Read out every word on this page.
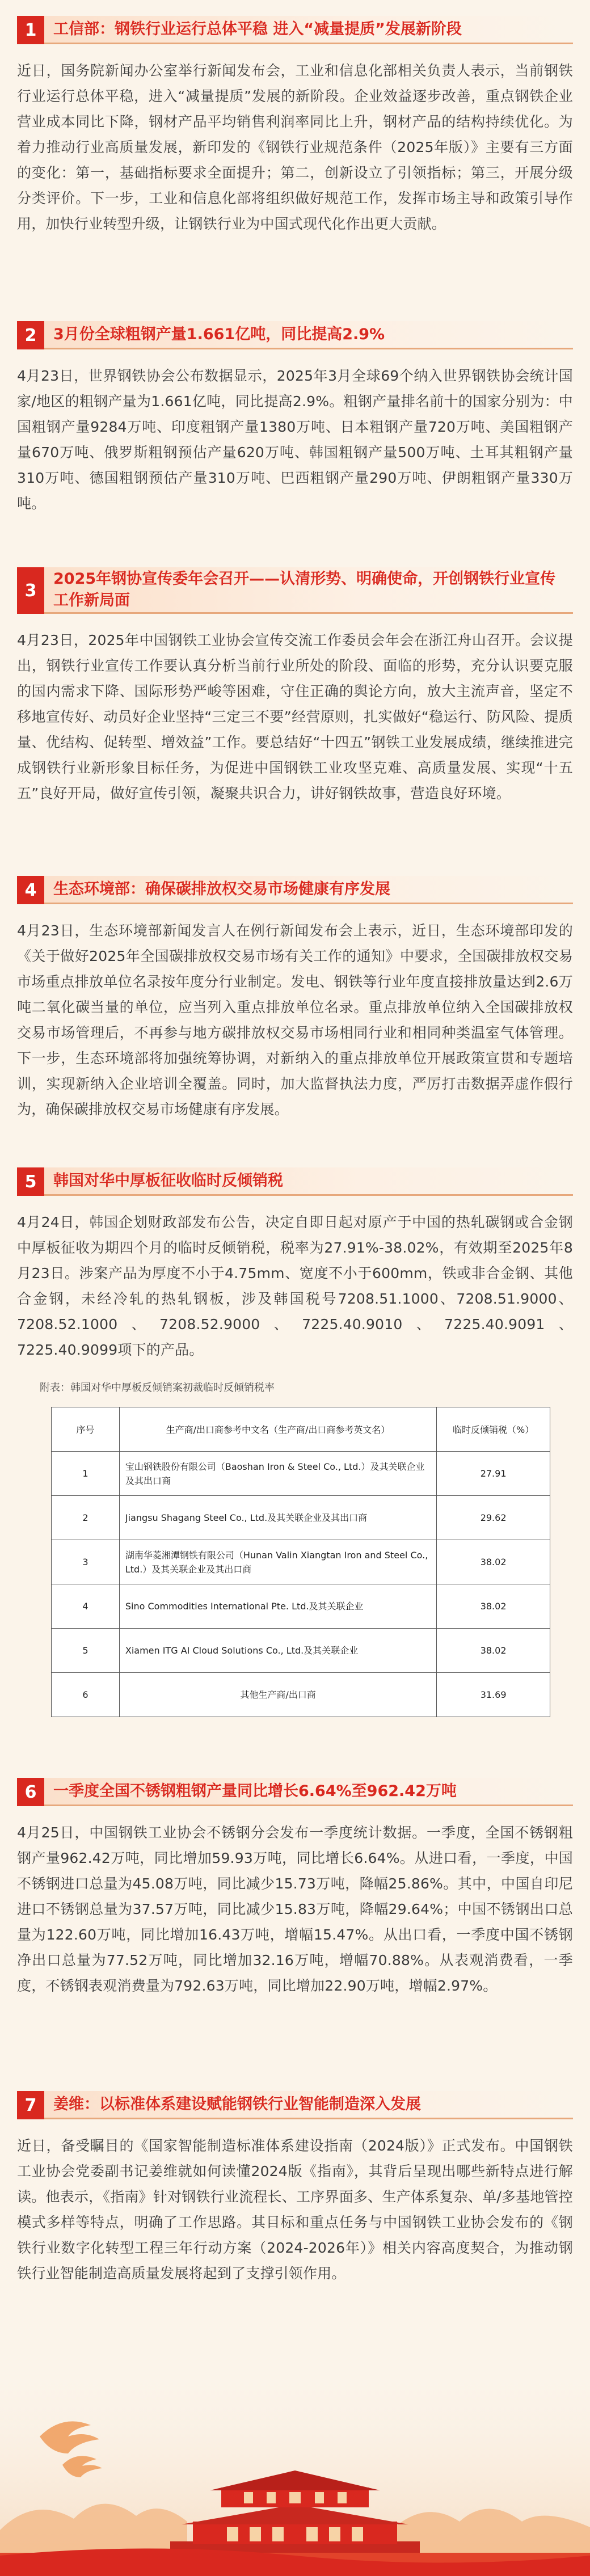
1	工信部：钢铁行业运行总体平稳 进入“减量提质”发展新阶段

近日，国务院新闻办公室举行新闻发布会，工业和信息化部相关负责人表示，当前钢铁行业运行总体平稳，进入“减量提质”发展的新阶段。企业效益逐步改善，重点钢铁企业营业成本同比下降，钢材产品平均销售利润率同比上升，钢材产品的结构持续优化。为着力推动行业高质量发展，新印发的《钢铁行业规范条件（2025年版）》主要有三方面的变化：第一，基础指标要求全面提升；第二，创新设立了引领指标；第三，开展分级分类评价。下一步，工业和信息化部将组织做好规范工作，发挥市场主导和政策引导作用，加快行业转型升级，让钢铁行业为中国式现代化作出更大贡献。

2	3月份全球粗钢产量1.661亿吨，同比提高2.9%

4月23日，世界钢铁协会公布数据显示，2025年3月全球69个纳入世界钢铁协会统计国家/地区的粗钢产量为1.661亿吨，同比提高2.9%。粗钢产量排名前十的国家分别为：中国粗钢产量9284万吨、印度粗钢产量1380万吨、日本粗钢产量720万吨、美国粗钢产量670万吨、俄罗斯粗钢预估产量620万吨、韩国粗钢产量500万吨、土耳其粗钢产量310万吨、德国粗钢预估产量310万吨、巴西粗钢产量290万吨、伊朗粗钢产量330万吨。

3
2025年钢协宣传委年会召开——认清形势、明确使命，开创钢铁行业宣传工作新局面

4月23日，2025年中国钢铁工业协会宣传交流工作委员会年会在浙江舟山召开。会议提出，钢铁行业宣传工作要认真分析当前行业所处的阶段、面临的形势，充分认识要克服的国内需求下降、国际形势严峻等困难，守住正确的舆论方向，放大主流声音，坚定不移地宣传好、动员好企业坚持“三定三不要”经营原则，扎实做好“稳运行、防风险、提质量、优结构、促转型、增效益”工作。要总结好“十四五”钢铁工业发展成绩，继续推进完成钢铁行业新形象目标任务，为促进中国钢铁工业攻坚克难、高质量发展、实现“十五五”良好开局，做好宣传引领，凝聚共识合力，讲好钢铁故事，营造良好环境。

4	生态环境部：确保碳排放权交易市场健康有序发展

4月23日，生态环境部新闻发言人在例行新闻发布会上表示，近日，生态环境部印发的《关于做好2025年全国碳排放权交易市场有关工作的通知》中要求，全国碳排放权交易市场重点排放单位名录按年度分行业制定。发电、钢铁等行业年度直接排放量达到2.6万吨二氧化碳当量的单位，应当列入重点排放单位名录。重点排放单位纳入全国碳排放权交易市场管理后，不再参与地方碳排放权交易市场相同行业和相同种类温室气体管理。下一步，生态环境部将加强统筹协调，对新纳入的重点排放单位开展政策宣贯和专题培训，实现新纳入企业培训全覆盖。同时，加大监督执法力度，严厉打击数据弄虚作假行为，确保碳排放权交易市场健康有序发展。

5	韩国对华中厚板征收临时反倾销税

4月24日，韩国企划财政部发布公告，决定自即日起对原产于中国的热轧碳钢或合金钢中厚板征收为期四个月的临时反倾销税，税率为27.91%-38.02%，有效期至2025年8月23日。涉案产品为厚度不小于4.75mm、宽度不小于600mm，铁或非合金钢、其他合金钢，未经冷轧的热轧钢板，涉及韩国税号7208.51.1000、7208.51.9000、7208.52.1000、7208.52.9000、7225.40.9010、7225.40.9091、7225.40.9099项下的产品。

附表：韩国对华中厚板反倾销案初裁临时反倾销税率
序号	生产商/出口商参考中文名（生产商/出口商参考英文名）	临时反倾销税（%）
1	宝山钢铁股份有限公司（Baoshan Iron & Steel Co., Ltd.）及其关联企业及其出口商	27.91
2	Jiangsu Shagang Steel Co., Ltd.及其关联企业及其出口商	29.62
3	湖南华菱湘潭钢铁有限公司（Hunan Valin Xiangtan Iron and Steel Co., Ltd.）及其关联企业及其出口商	38.02
4	Sino Commodities International Pte. Ltd.及其关联企业	38.02
5	Xiamen ITG AI Cloud Solutions Co., Ltd.及其关联企业	38.02
6	其他生产商/出口商	31.69
6	一季度全国不锈钢粗钢产量同比增长6.64%至962.42万吨

4月25日，中国钢铁工业协会不锈钢分会发布一季度统计数据。一季度，全国不锈钢粗钢产量962.42万吨，同比增加59.93万吨，同比增长6.64%。从进口看，一季度，中国不锈钢进口总量为45.08万吨，同比减少15.73万吨，降幅25.86%。其中，中国自印尼进口不锈钢总量为37.57万吨，同比减少15.83万吨，降幅29.64%；中国不锈钢出口总量为122.60万吨，同比增加16.43万吨，增幅15.47%。从出口看，一季度中国不锈钢净出口总量为77.52万吨，同比增加32.16万吨，增幅70.88%。从表观消费看，一季度，不锈钢表观消费量为792.63万吨，同比增加22.90万吨，增幅2.97%。

7	姜维：以标准体系建设赋能钢铁行业智能制造深入发展

近日，备受瞩目的《国家智能制造标准体系建设指南（2024版）》正式发布。中国钢铁工业协会党委副书记姜维就如何读懂2024版《指南》，其背后呈现出哪些新特点进行解读。他表示，《指南》针对钢铁行业流程长、工序界面多、生产体系复杂、单/多基地管控模式多样等特点，明确了工作思路。其目标和重点任务与中国钢铁工业协会发布的《钢铁行业数字化转型工程三年行动方案（2024-2026年）》相关内容高度契合，为推动钢铁行业智能制造高质量发展将起到了支撑引领作用。
